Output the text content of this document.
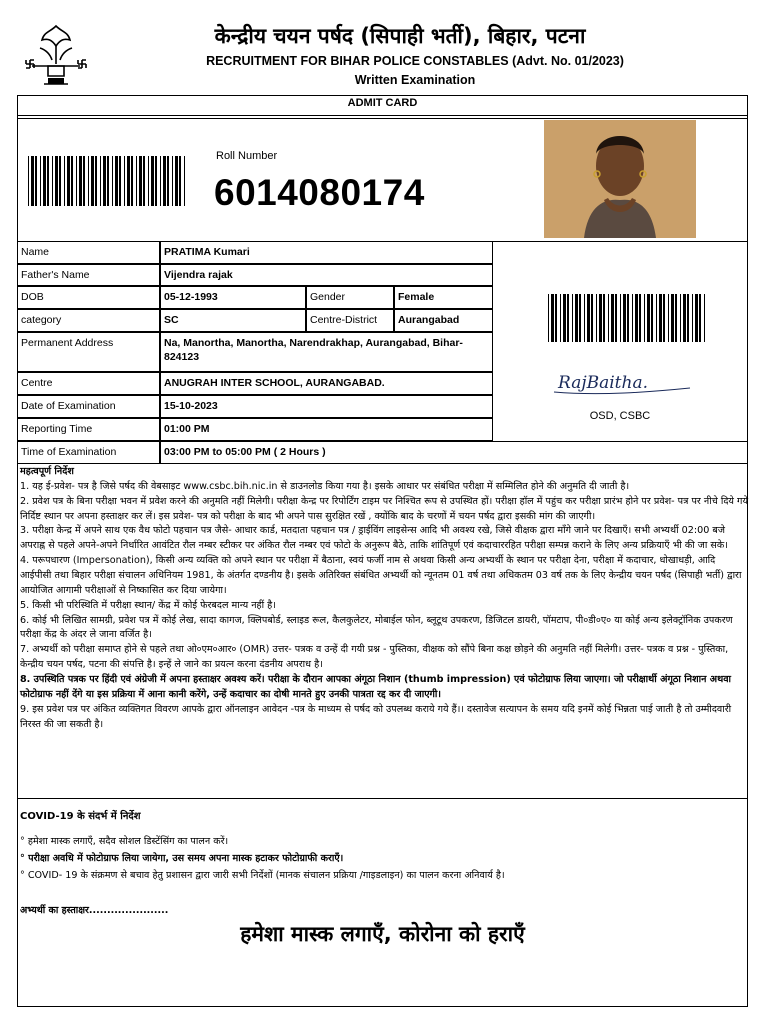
केन्द्रीय चयन पर्षद (सिपाही भर्ती), बिहार, पटना
RECRUITMENT FOR BIHAR POLICE CONSTABLES (Advt. No. 01/2023)
Written Examination
ADMIT CARD
Roll Number
6014080174
Name	PRATIMA Kumari
Father's Name	Vijendra rajak
DOB	05-12-1993	Gender	Female
category	SC	Centre-District	Aurangabad
Permanent Address	Na, Manortha, Manortha, Narendrakhap, Aurangabad, Bihar-824123
Centre	ANUGRAH INTER SCHOOL, AURANGABAD.
Date of Examination	15-10-2023
Reporting Time	01:00 PM
Time of Examination	03:00 PM to 05:00 PM ( 2 Hours )
RajBaitha.
OSD, CSBC

महत्वपूर्ण निर्देश

1. यह ई-प्रवेश- पत्र है जिसे पर्षद की वेबसाइट www.csbc.bih.nic.in से डाउनलोड किया गया है। इसके आधार पर संबंधित परीक्षा में सम्मिलित होने की अनुमति दी जाती है।

2. प्रवेश पत्र के बिना परीक्षा भवन में प्रवेश करने की अनुमति नहीं मिलेगी। परीक्षा केन्द्र पर रिपोर्टिंग टाइम पर निश्चित रूप से उपस्थित हों। परीक्षा हॉल में पहुंच कर परीक्षा प्रारंभ होने पर प्रवेश- पत्र पर नीचे दिये गये निर्दिष्ट स्थान पर अपना हस्ताक्षर कर लें। इस प्रवेश- पत्र को परीक्षा के बाद भी अपने पास सुरक्षित रखें , क्योंकि बाद के चरणों में चयन पर्षद द्वारा इसकी मांग की जाएगी।

3. परीक्षा केन्द्र में अपने साथ एक वैध फोटो पहचान पत्र जैसे- आधार कार्ड, मतदाता पहचान पत्र / ड्राईविंग लाइसेन्स आदि भी अवश्य रखे, जिसे वीक्षक द्वारा माँगे जाने पर दिखाएँ। सभी अभ्यर्थी 02:00 बजे अपराह्न से पहले अपने-अपने निर्धारित आवंटित रौल नम्बर स्टीकर पर अंकित रौल नम्बर एवं फोटो के अनुरूप बैठे, ताकि शांतिपूर्ण एवं कदाचाररहित परीक्षा सम्पन्न कराने के लिए अन्य प्रक्रियाएँ भी की जा सके।

4. परूपधारण (Impersonation), किसी अन्य व्यक्ति को अपने स्थान पर परीक्षा में बैठाना, स्वयं फर्जी नाम से अथवा किसी अन्य अभ्यर्थी के स्थान पर परीक्षा देना, परीक्षा में कदाचार, धोखाधड़ी, आदि आईपीसी तथा बिहार परीक्षा संचालन अधिनियम 1981, के अंतर्गत दण्डनीय है। इसके अतिरिक्त संबंधित अभ्यर्थी को न्यूनतम 01 वर्ष तथा अधिकतम 03 वर्ष तक के लिए केन्द्रीय चयन पर्षद (सिपाही भर्ती) द्वारा आयोजित आगामी परीक्षाओं से निष्कासित कर दिया जायेगा।

5. किसी भी परिस्थिति में परीक्षा स्थान/ केंद्र में कोई फेरबदल मान्य नहीं है।

6. कोई भी लिखित सामग्री, प्रवेश पत्र में कोई लेख, सादा कागज, क्लिपबोर्ड, स्लाइड रूल, कैलकुलेटर, मोबाईल फोन, ब्लूटूथ उपकरण, डिजिटल डायरी, पॉमटाप, पी०डी०ए० या कोई अन्य इलेक्ट्रॉनिक उपकरण परीक्षा केंद्र के अंदर ले जाना वर्जित है।

7. अभ्यर्थी को परीक्षा समाप्त होने से पहले तथा ओ०एम०आर० (OMR) उत्तर- पत्रक व उन्हें दी गयी प्रश्न - पुस्तिका, वीक्षक को सौंपे बिना कक्ष छोड़ने की अनुमति नहीं मिलेगी। उत्तर- पत्रक व प्रश्न - पुस्तिका, केन्द्रीय चयन पर्षद, पटना की संपत्ति है। इन्हें ले जाने का प्रयत्न करना दंडनीय अपराध है।

8. उपस्थिति पत्रक पर हिंदी एवं अंग्रेजी में अपना हस्ताक्षर अवश्य करें। परीक्षा के दौरान आपका अंगूठा निशान (thumb impression) एवं फोटोग्राफ लिया जाएगा। जो परीक्षार्थी अंगूठा निशान अथवा फोटोग्राफ नहीं देंगे या इस प्रक्रिया में आना कानी करेंगे, उन्हें कदाचार का दोषी मानते हुए उनकी पात्रता रद्द कर दी जाएगी।

9. इस प्रवेश पत्र पर अंकित व्यक्तिगत विवरण आपके द्वारा ऑनलाइन आवेदन -पत्र के माध्यम से पर्षद को उपलब्ध कराये गये हैं।। दस्तावेज सत्यापन के समय यदि इनमें कोई भिन्नता पाई जाती है तो उम्मीदवारी निरस्त की जा सकती है।

COVID-19 के संदर्भ में निर्देश

° हमेशा मास्क लगाएँ, सदैव सोशल डिस्टेंसिंग का पालन करें।

° परीक्षा अवधि में फोटोग्राफ लिया जायेगा, उस समय अपना मास्क हटाकर फोटोग्राफी कराएँ।

° COVID- 19 के संक्रमण से बचाव हेतु प्रशासन द्वारा जारी सभी निर्देशों (मानक संचालन प्रक्रिया /गाइडलाइन) का पालन करना अनिवार्य है।

अभ्यर्थी का हस्ताक्षर......................
हमेशा मास्क लगाएँ, कोरोना को हराएँ
